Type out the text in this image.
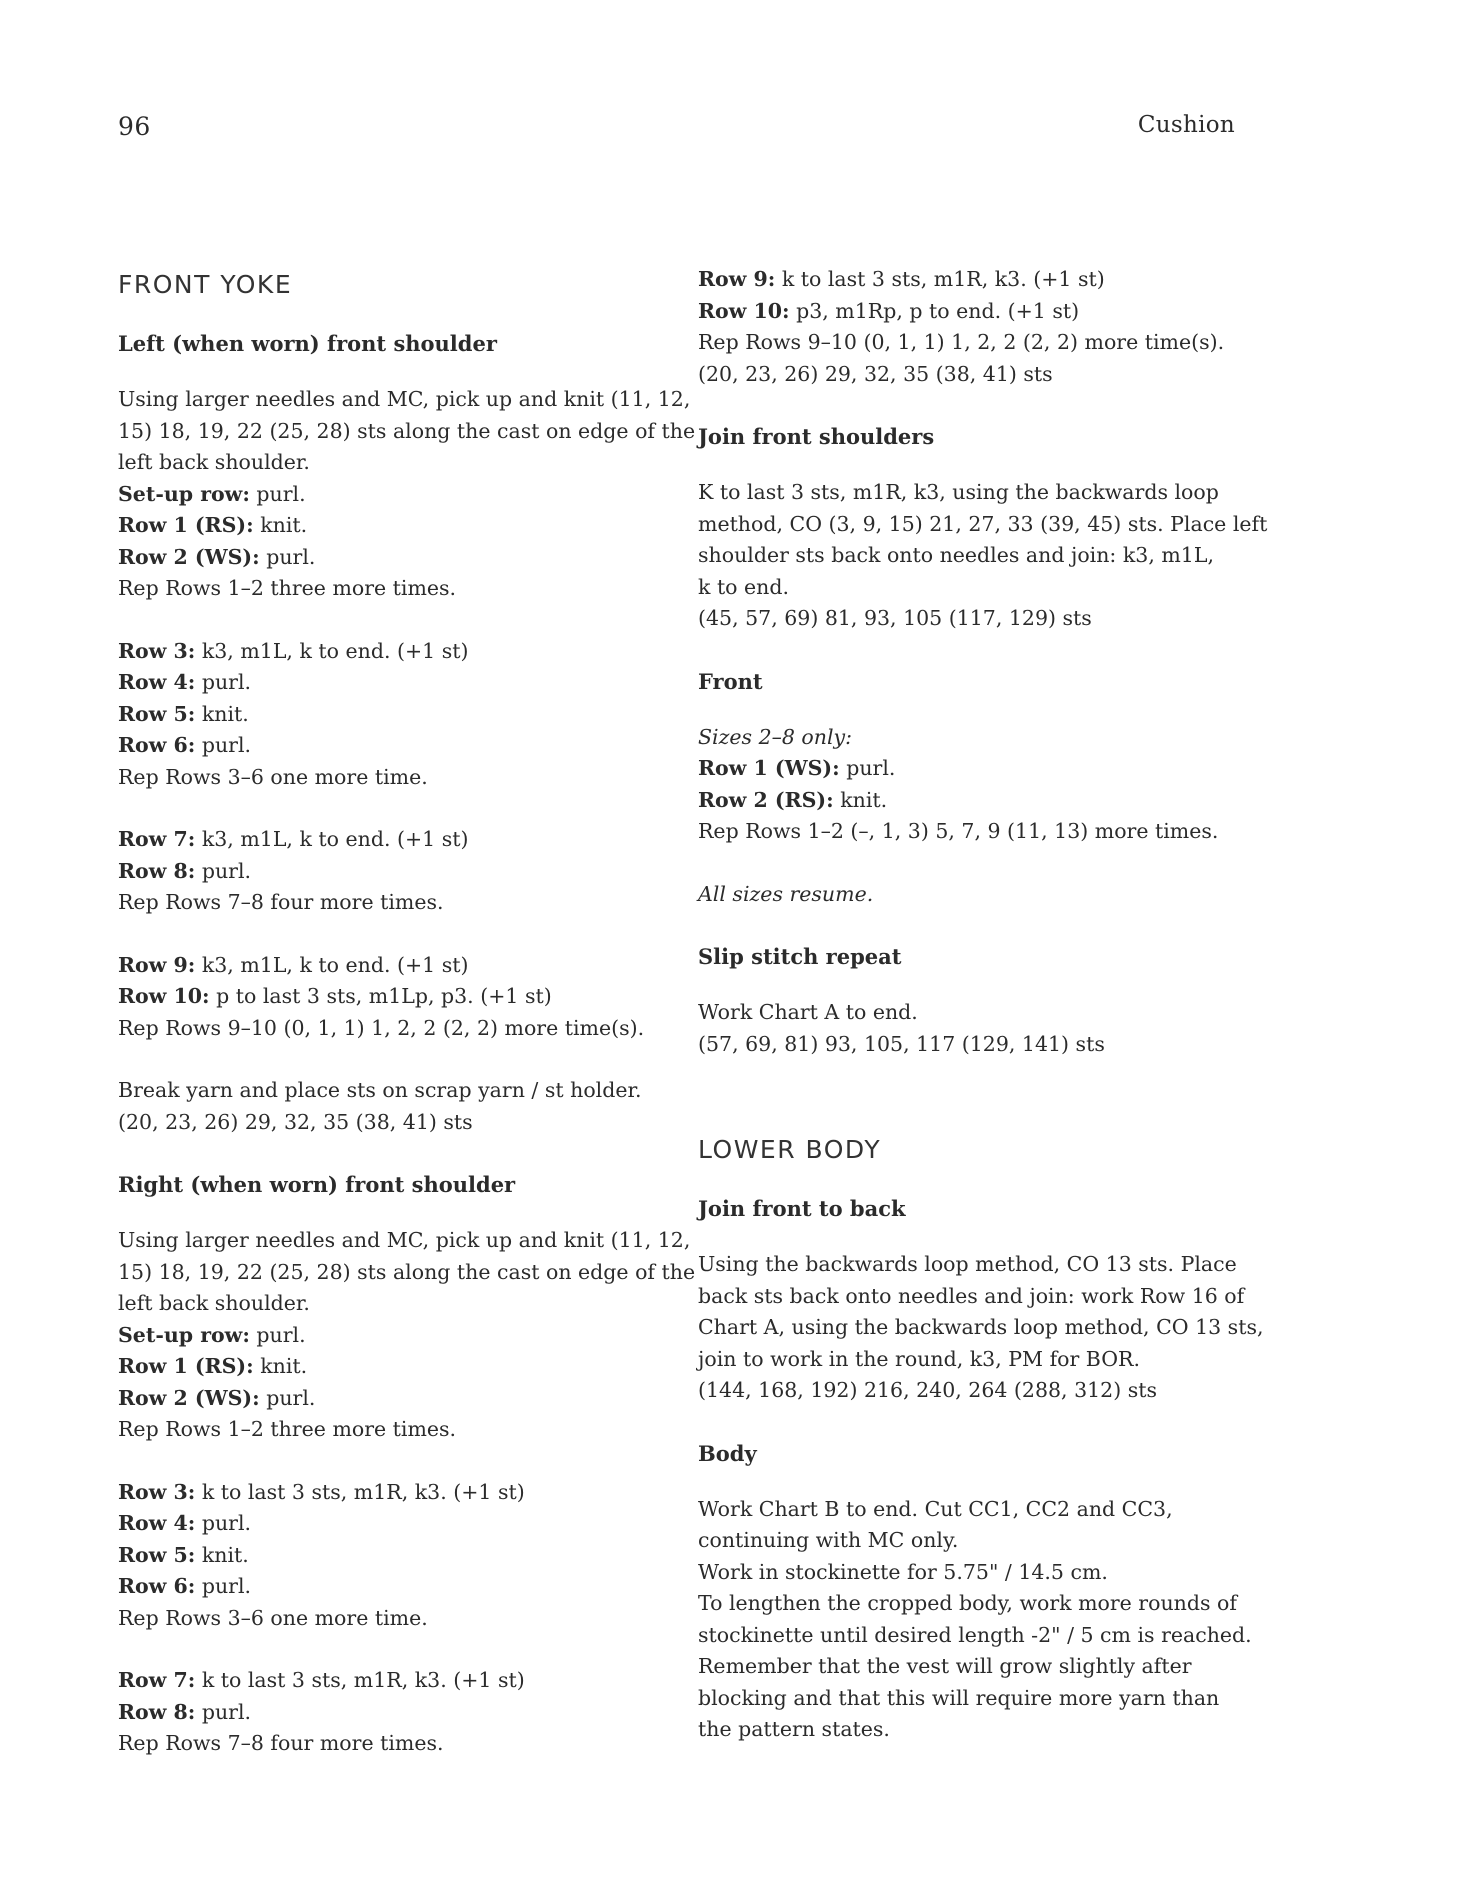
96	Cushion
FRONT YOKE
Left (when worn) front shoulder
Using larger needles and MC, pick up and knit (11, 12,
15) 18, 19, 22 (25, 28) sts along the cast on edge of the
left back shoulder.
Set-up row: purl.
Row 1 (RS): knit.
Row 2 (WS): purl.
Rep Rows 1–2 three more times.
Row 3: k3, m1L, k to end. (+1 st)
Row 4: purl.
Row 5: knit.
Row 6: purl.
Rep Rows 3–6 one more time.
Row 7: k3, m1L, k to end. (+1 st)
Row 8: purl.
Rep Rows 7–8 four more times.
Row 9: k3, m1L, k to end. (+1 st)
Row 10: p to last 3 sts, m1Lp, p3. (+1 st)
Rep Rows 9–10 (0, 1, 1) 1, 2, 2 (2, 2) more time(s).
Break yarn and place sts on scrap yarn / st holder.
(20, 23, 26) 29, 32, 35 (38, 41) sts
Right (when worn) front shoulder
Using larger needles and MC, pick up and knit (11, 12,
15) 18, 19, 22 (25, 28) sts along the cast on edge of the
left back shoulder.
Set-up row: purl.
Row 1 (RS): knit.
Row 2 (WS): purl.
Rep Rows 1–2 three more times.
Row 3: k to last 3 sts, m1R, k3. (+1 st)
Row 4: purl.
Row 5: knit.
Row 6: purl.
Rep Rows 3–6 one more time.
Row 7: k to last 3 sts, m1R, k3. (+1 st)
Row 8: purl.
Rep Rows 7–8 four more times.
Row 9: k to last 3 sts, m1R, k3. (+1 st)
Row 10: p3, m1Rp, p to end. (+1 st)
Rep Rows 9–10 (0, 1, 1) 1, 2, 2 (2, 2) more time(s).
(20, 23, 26) 29, 32, 35 (38, 41) sts
Join front shoulders
K to last 3 sts, m1R, k3, using the backwards loop
method, CO (3, 9, 15) 21, 27, 33 (39, 45) sts. Place left
shoulder sts back onto needles and join: k3, m1L,
k to end.
(45, 57, 69) 81, 93, 105 (117, 129) sts
Front
Sizes 2–8 only:
Row 1 (WS): purl.
Row 2 (RS): knit.
Rep Rows 1–2 (–, 1, 3) 5, 7, 9 (11, 13) more times.
All sizes resume.
Slip stitch repeat
Work Chart A to end.
(57, 69, 81) 93, 105, 117 (129, 141) sts
LOWER BODY
Join front to back
Using the backwards loop method, CO 13 sts. Place
back sts back onto needles and join: work Row 16 of
Chart A, using the backwards loop method, CO 13 sts,
join to work in the round, k3, PM for BOR.
(144, 168, 192) 216, 240, 264 (288, 312) sts
Body
Work Chart B to end. Cut CC1, CC2 and CC3,
continuing with MC only.
Work in stockinette for 5.75" / 14.5 cm.
To lengthen the cropped body, work more rounds of
stockinette until desired length -2" / 5 cm is reached.
Remember that the vest will grow slightly after
blocking and that this will require more yarn than
the pattern states.
